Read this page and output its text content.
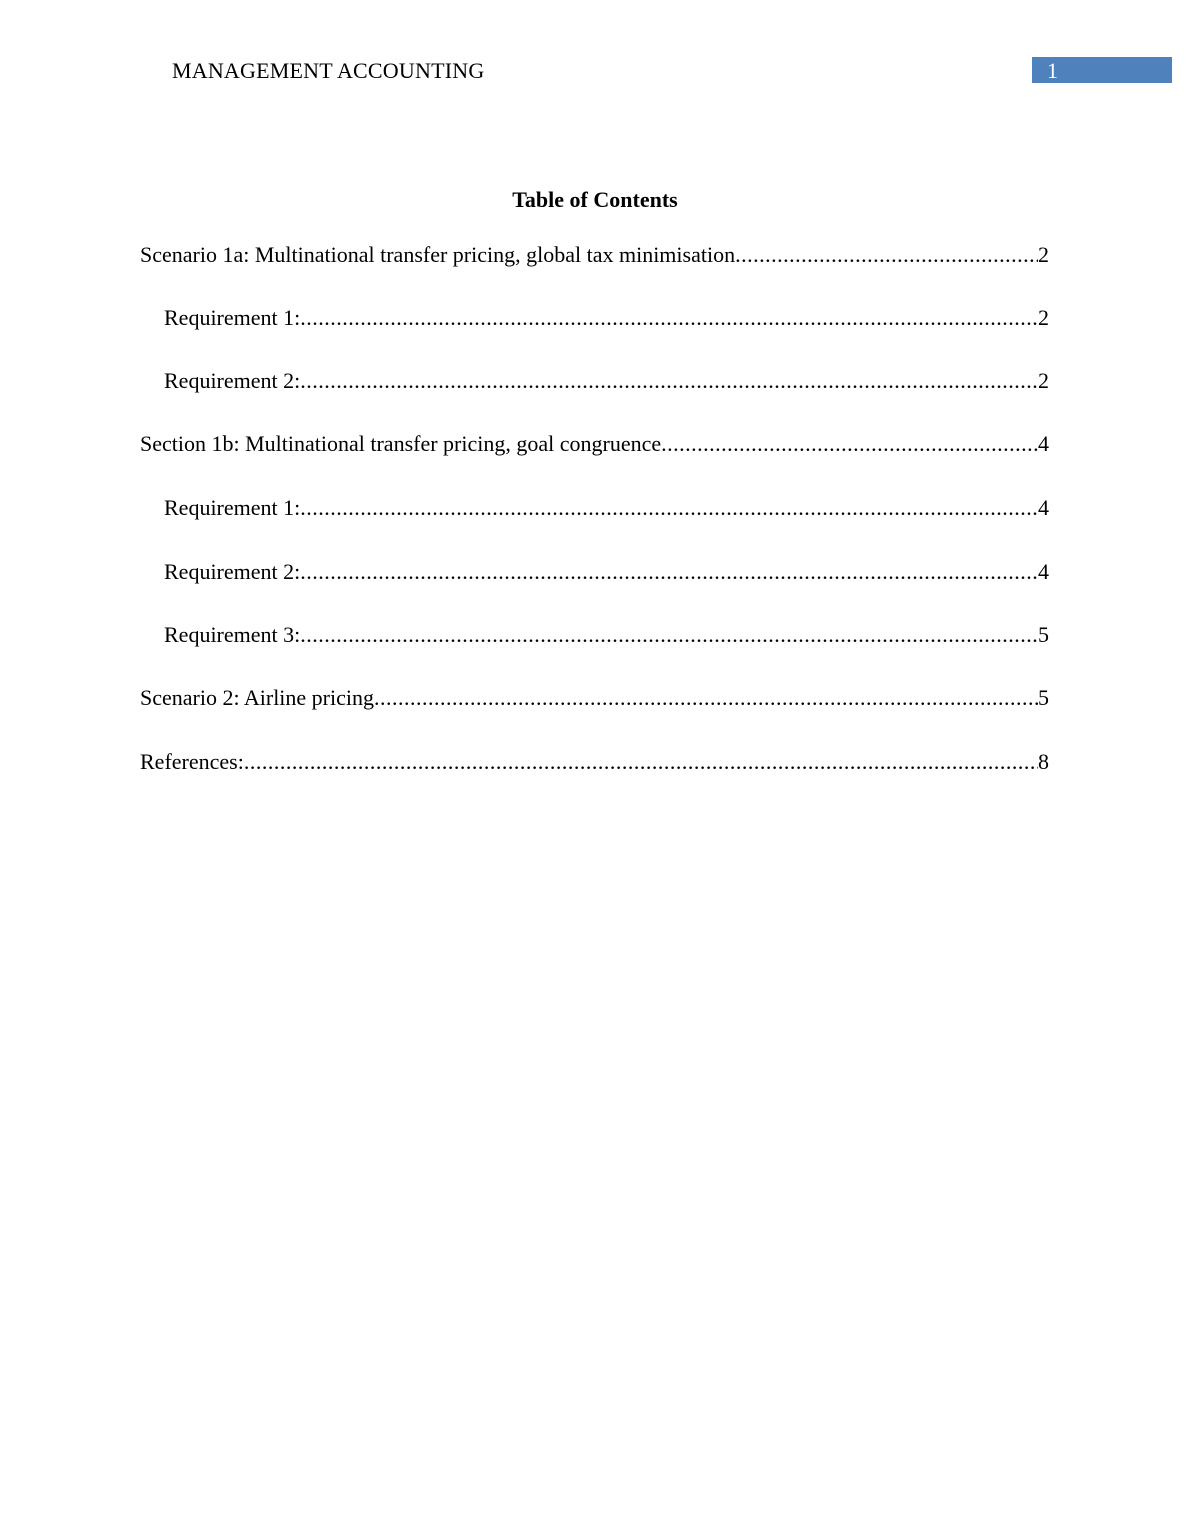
MANAGEMENT ACCOUNTING	1
Table of Contents
Scenario 1a: Multinational transfer pricing, global tax minimisation .....	2
Requirement 1: .....	2
Requirement 2: .....	2
Section 1b: Multinational transfer pricing, goal congruence .....	4
Requirement 1: .....	4
Requirement 2: .....	4
Requirement 3: .....	5
Scenario 2: Airline pricing .....	5
References: .....	8
